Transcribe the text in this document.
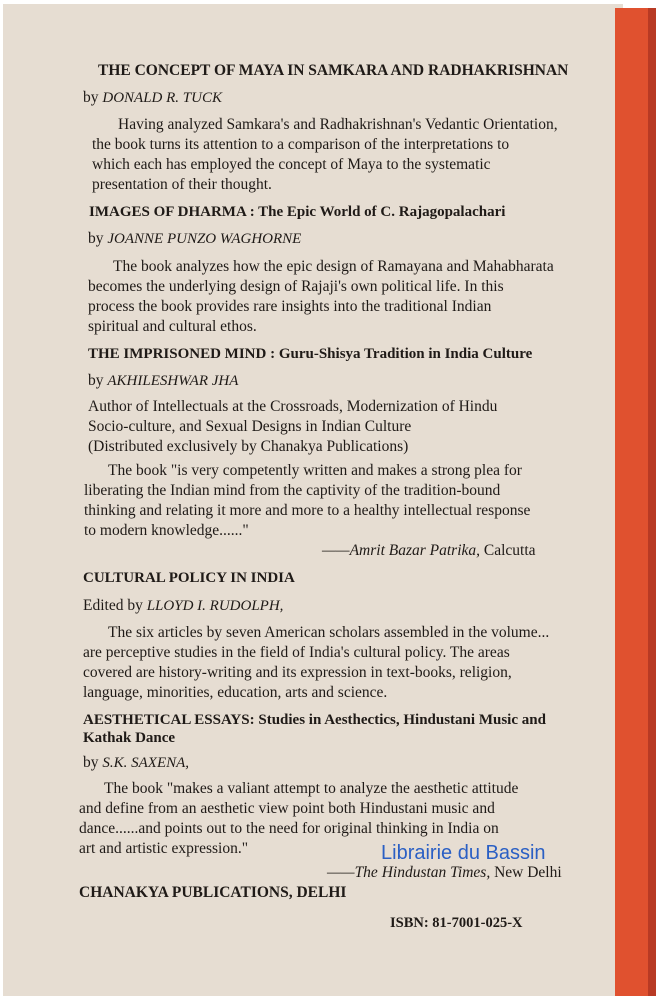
THE CONCEPT OF MAYA IN SAMKARA AND RADHAKRISHNAN
by DONALD R. TUCK
Having analyzed Samkara's and Radhakrishnan's Vedantic Orientation,
the book turns its attention to a comparison of the interpretations to
which each has employed the concept of Maya to the systematic
presentation of their thought.
IMAGES OF DHARMA : The Epic World of C. Rajagopalachari
by JOANNE PUNZO WAGHORNE
The book analyzes how the epic design of Ramayana and Mahabharata
becomes the underlying design of Rajaji's own political life. In this
process the book provides rare insights into the traditional Indian
spiritual and cultural ethos.
THE IMPRISONED MIND : Guru-Shisya Tradition in India Culture
by AKHILESHWAR JHA
Author of Intellectuals at the Crossroads, Modernization of Hindu
Socio-culture, and Sexual Designs in Indian Culture
(Distributed exclusively by Chanakya Publications)
The book "is very competently written and makes a strong plea for
liberating the Indian mind from the captivity of the tradition-bound
thinking and relating it more and more to a healthy intellectual response
to modern knowledge......"
——Amrit Bazar Patrika, Calcutta
CULTURAL POLICY IN INDIA
Edited by LLOYD I. RUDOLPH,
The six articles by seven American scholars assembled in the volume...
are perceptive studies in the field of India's cultural policy. The areas
covered are history-writing and its expression in text-books, religion,
language, minorities, education, arts and science.
AESTHETICAL ESSAYS: Studies in Aesthectics, Hindustani Music and
Kathak Dance
by S.K. SAXENA,
The book "makes a valiant attempt to analyze the aesthetic attitude
and define from an aesthetic view point both Hindustani music and
dance......and points out to the need for original thinking in India on
art and artistic expression."
——The Hindustan Times, New Delhi
CHANAKYA PUBLICATIONS, DELHI
ISBN: 81-7001-025-X
Librairie du Bassin
